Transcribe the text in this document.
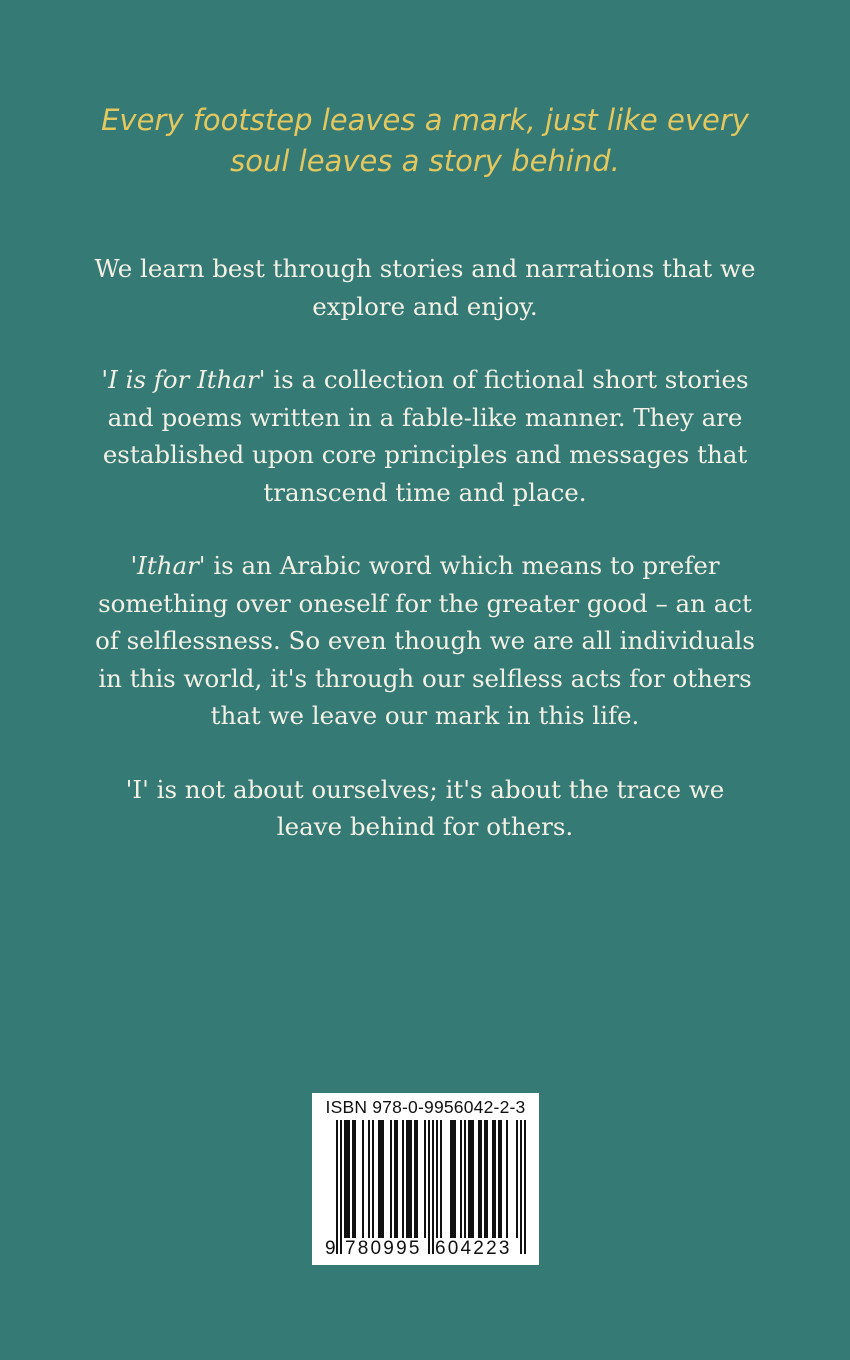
Every footstep leaves a mark, just like every
soul leaves a story behind.

We learn best through stories and narrations that we
explore and enjoy.

'I is for Ithar' is a collection of fictional short stories
and poems written in a fable-like manner. They are
established upon core principles and messages that
transcend time and place.

'Ithar' is an Arabic word which means to prefer
something over oneself for the greater good – an act
of selflessness. So even though we are all individuals
in this world, it's through our selfless acts for others
that we leave our mark in this life.

'I' is not about ourselves; it's about the trace we
leave behind for others.

ISBN 978-0-9956042-2-3

9 780995 604223
